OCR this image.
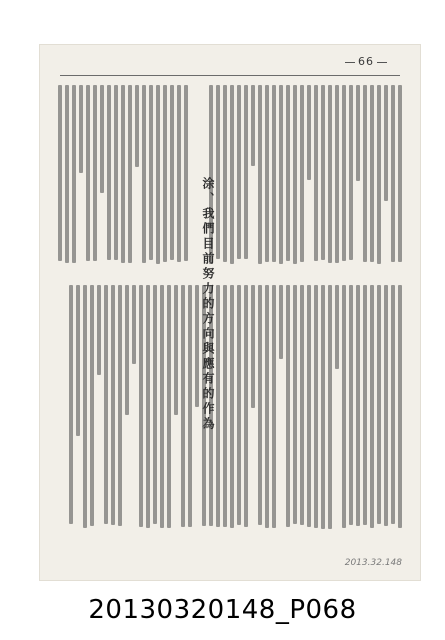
66
涂、我們目前努力的方向與應有的作為
2013.32.148
20130320148_P068
